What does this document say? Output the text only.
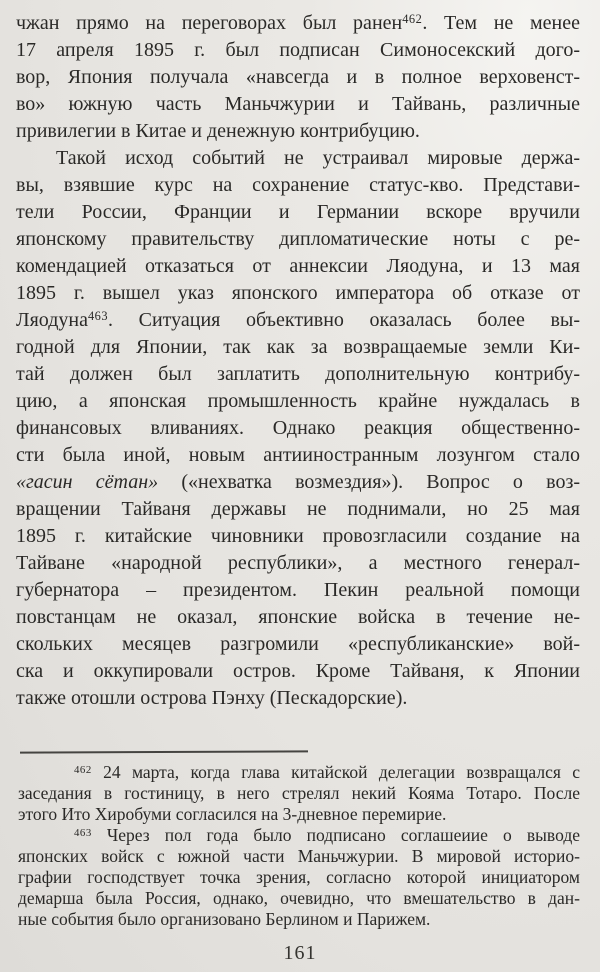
чжан прямо на переговорах был ранен$^{462}$. Тем не менее
17 апреля 1895 г. был подписан Симоносекский дого-
вор, Япония получала «навсегда и в полное верховенст-
во» южную часть Маньчжурии и Тайвань, различные
привилегии в Китае и денежную контрибуцию.
Такой исход событий не устраивал мировые держа-
вы, взявшие курс на сохранение статус-кво. Представи-
тели России, Франции и Германии вскоре вручили
японскому правительству дипломатические ноты с ре-
комендацией отказаться от аннексии Ляодуна, и 13 мая
1895 г. вышел указ японского императора об отказе от
Ляодуна$^{463}$. Ситуация объективно оказалась более вы-
годной для Японии, так как за возвращаемые земли Ки-
тай должен был заплатить дополнительную контрибу-
цию, а японская промышленность крайне нуждалась в
финансовых вливаниях. Однако реакция общественно-
сти была иной, новым антииностранным лозунгом стало
«гасин сётан» («нехватка возмездия»). Вопрос о воз-
вращении Тайваня державы не поднимали, но 25 мая
1895 г. китайские чиновники провозгласили создание на
Тайване «народной республики», а местного генерал-
губернатора – президентом. Пекин реальной помощи
повстанцам не оказал, японские войска в течение не-
скольких месяцев разгромили «республиканские» вой-
ска и оккупировали остров. Кроме Тайваня, к Японии
также отошли острова Пэнху (Пескадорские).
$^{462}$ 24 марта, когда глава китайской делегации возвращался с
заседания в гостиницу, в него стрелял некий Кояма Тотаро. После
этого Ито Хиробуми согласился на 3-дневное перемирие.
$^{463}$ Через пол года было подписано соглашеиие о выводе
японских войск с южной части Маньчжурии. В мировой историо-
графии господствует точка зрения, согласно которой инициатором
демарша была Россия, однако, очевидно, что вмешательство в дан-
ные события было организовано Берлином и Парижем.
161
